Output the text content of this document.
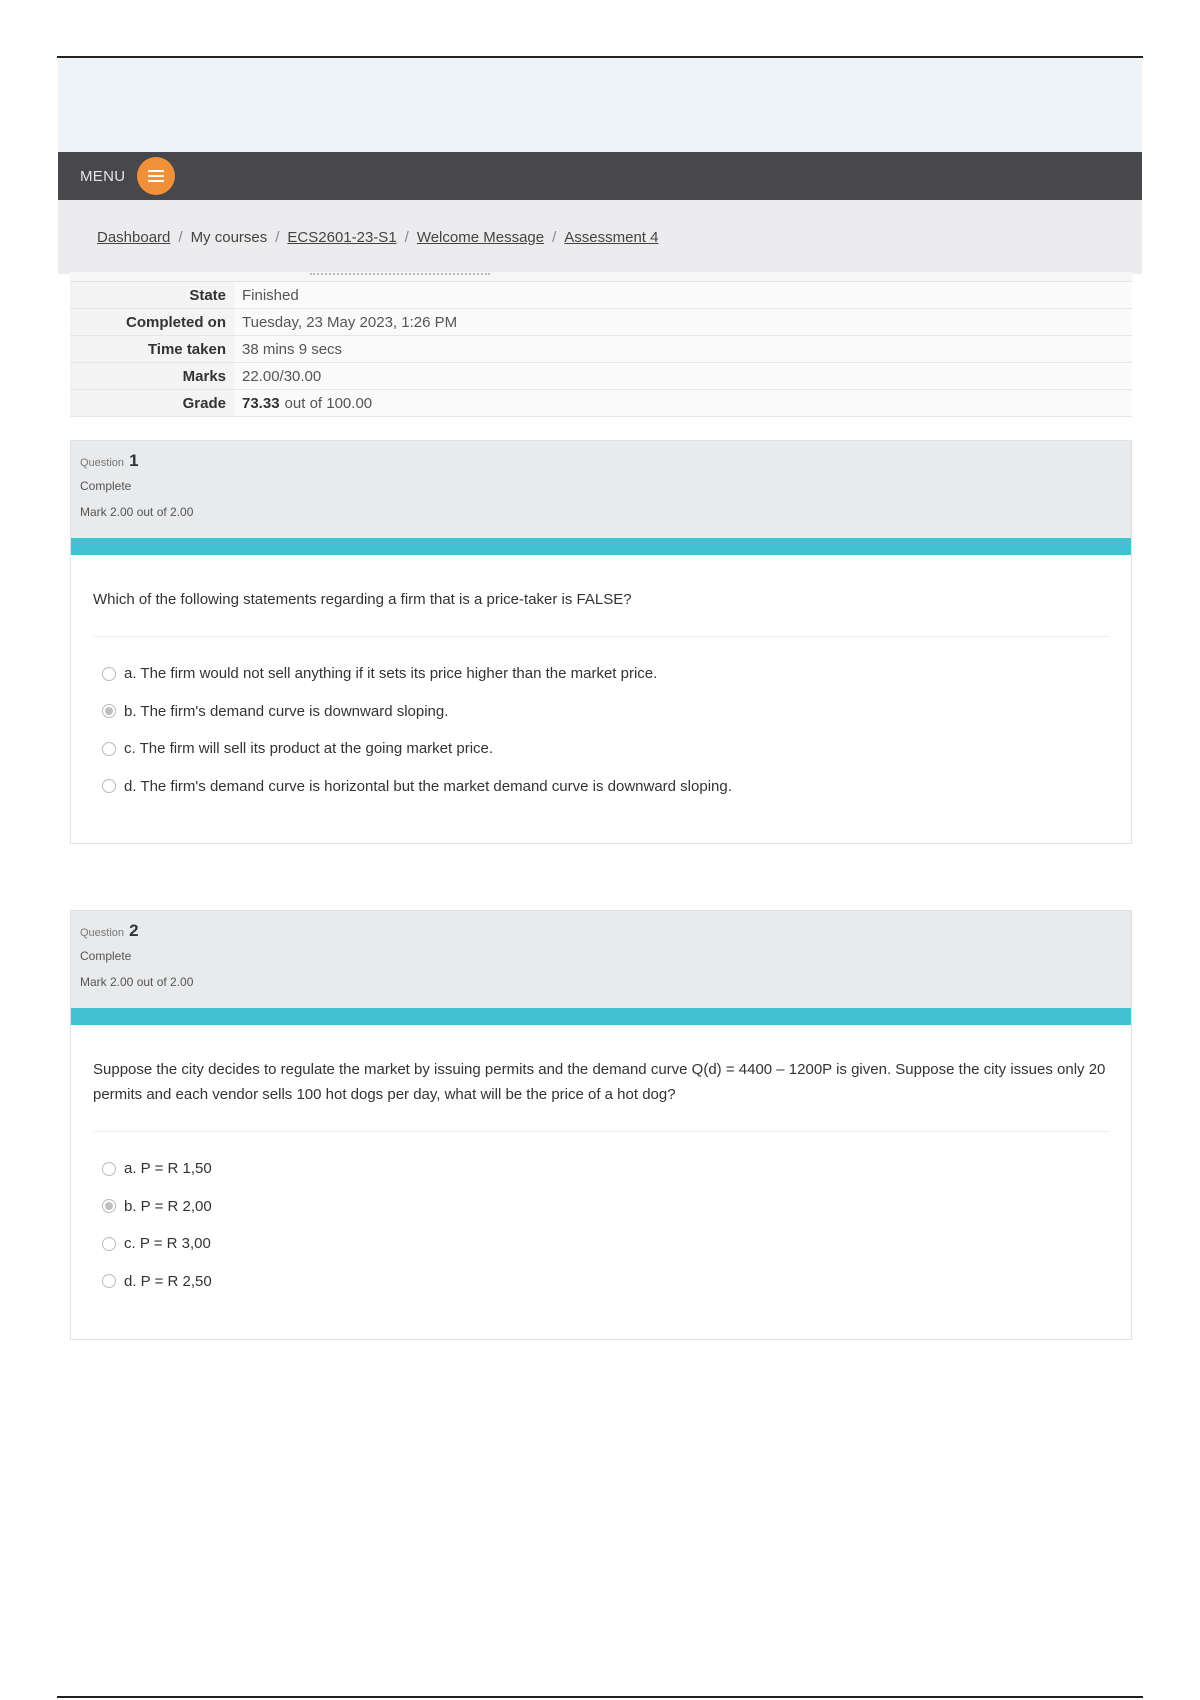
MENU
Dashboard / My courses / ECS2601-23-S1 / Welcome Message / Assessment 4
State	Finished
Completed on	Tuesday, 23 May 2023, 1:26 PM
Time taken	38 mins 9 secs
Marks	22.00/30.00
Grade	73.33 out of 100.00
Question 1
Complete
Mark 2.00 out of 2.00
Which of the following statements regarding a firm that is a price-taker is FALSE?
a. The firm would not sell anything if it sets its price higher than the market price.
b. The firm's demand curve is downward sloping.
c. The firm will sell its product at the going market price.
d. The firm's demand curve is horizontal but the market demand curve is downward sloping.
Question 2
Complete
Mark 2.00 out of 2.00
Suppose the city decides to regulate the market by issuing permits and the demand curve Q(d) = 4400 – 1200P is given. Suppose the city issues only 20 permits and each vendor sells 100 hot dogs per day, what will be the price of a hot dog?
a. P = R 1,50
b. P = R 2,00
c. P = R 3,00
d. P = R 2,50
